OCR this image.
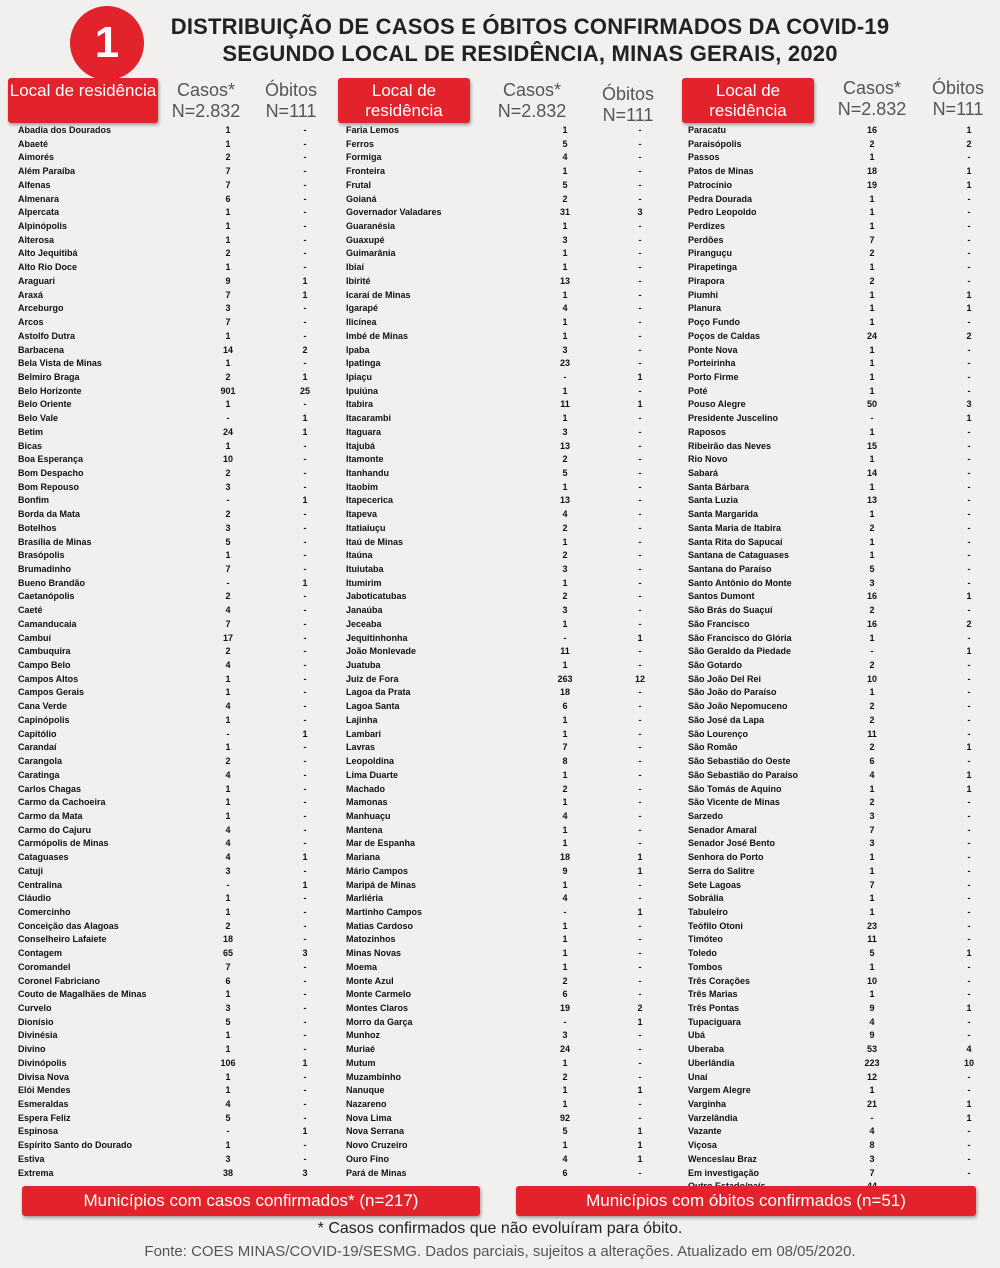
1	DISTRIBUIÇÃO DE CASOS E ÓBITOS CONFIRMADOS DA COVID-19
SEGUNDO LOCAL DE RESIDÊNCIA, MINAS GERAIS, 2020
Local de residência	Casos*
N=2.832
Óbitos
N=111
Abadia dos Dourados	1	-
Abaeté	1	-
Aimorés	2	-
Além Paraíba	7	-
Alfenas	7	-
Almenara	6	-
Alpercata	1	-
Alpinópolis	1	-
Alterosa	1	-
Alto Jequitibá	2	-
Alto Rio Doce	1	-
Araguari	9	1
Araxá	7	1
Arceburgo	3	-
Arcos	7	-
Astolfo Dutra	1	-
Barbacena	14	2
Bela Vista de Minas	1	-
Belmiro Braga	2	1
Belo Horizonte	901	25
Belo Oriente	1	-
Belo Vale	-	1
Betim	24	1
Bicas	1	-
Boa Esperança	10	-
Bom Despacho	2	-
Bom Repouso	3	-
Bonfim	-	1
Borda da Mata	2	-
Botelhos	3	-
Brasília de Minas	5	-
Brasópolis	1	-
Brumadinho	7	-
Bueno Brandão	-	1
Caetanópolis	2	-
Caeté	4	-
Camanducaia	7	-
Cambuí	17	-
Cambuquira	2	-
Campo Belo	4	-
Campos Altos	1	-
Campos Gerais	1	-
Cana Verde	4	-
Capinópolis	1	-
Capitólio	-	1
Carandaí	1	-
Carangola	2	-
Caratinga	4	-
Carlos Chagas	1	-
Carmo da Cachoeira	1	-
Carmo da Mata	1	-
Carmo do Cajuru	4	-
Carmópolis de Minas	4	-
Cataguases	4	1
Catuji	3	-
Centralina	-	1
Cláudio	1	-
Comercinho	1	-
Conceição das Alagoas	2	-
Conselheiro Lafaiete	18	-
Contagem	65	3
Coromandel	7	-
Coronel Fabriciano	6	-
Couto de Magalhães de Minas	1	-
Curvelo	3	-
Dionísio	5	-
Divinésia	1	-
Divino	1	-
Divinópolis	106	1
Divisa Nova	1	-
Elói Mendes	1	-
Esmeraldas	4	-
Espera Feliz	5	-
Espinosa	-	1
Espírito Santo do Dourado	1	-
Estiva	3	-
Extrema	38	3
Local de residência
Casos*
N=2.832
Óbitos
N=111
Faria Lemos	1	-
Ferros	5	-
Formiga	4	-
Fronteira	1	-
Frutal	5	-
Goianá	2	-
Governador Valadares	31	3
Guaranésia	1	-
Guaxupé	3	-
Guimarânia	1	-
Ibiaí	1	-
Ibirité	13	-
Icaraí de Minas	1	-
Igarapé	4	-
Ilicínea	1	-
Imbé de Minas	1	-
Ipaba	3	-
Ipatinga	23	-
Ipiaçu	-	1
Ipuiúna	1	-
Itabira	11	1
Itacarambi	1	-
Itaguara	3	-
Itajubá	13	-
Itamonte	2	-
Itanhandu	5	-
Itaobim	1	-
Itapecerica	13	-
Itapeva	4	-
Itatiaiuçu	2	-
Itaú de Minas	1	-
Itaúna	2	-
Ituiutaba	3	-
Itumirim	1	-
Jaboticatubas	2	-
Janaúba	3	-
Jeceaba	1	-
Jequitinhonha	-	1
João Monlevade	11	-
Juatuba	1	-
Juiz de Fora	263	12
Lagoa da Prata	18	-
Lagoa Santa	6	-
Lajinha	1	-
Lambari	1	-
Lavras	7	-
Leopoldina	8	-
Lima Duarte	1	-
Machado	2	-
Mamonas	1	-
Manhuaçu	4	-
Mantena	1	-
Mar de Espanha	1	-
Mariana	18	1
Mário Campos	9	1
Maripá de Minas	1	-
Marliéria	4	-
Martinho Campos	-	1
Matias Cardoso	1	-
Matozinhos	1	-
Minas Novas	1	-
Moema	1	-
Monte Azul	2	-
Monte Carmelo	6	-
Montes Claros	19	2
Morro da Garça	-	1
Munhoz	3	-
Muriaé	24	-
Mutum	1	-
Muzambinho	2	-
Nanuque	1	1
Nazareno	1	-
Nova Lima	92	-
Nova Serrana	5	1
Novo Cruzeiro	1	1
Ouro Fino	4	1
Pará de Minas	6	-
Local de residência
Casos*
N=2.832
Óbitos
N=111
Paracatu	16	1
Paraisópolis	2	2
Passos	1	-
Patos de Minas	18	1
Patrocínio	19	1
Pedra Dourada	1	-
Pedro Leopoldo	1	-
Perdizes	1	-
Perdões	7	-
Piranguçu	2	-
Pirapetinga	1	-
Pirapora	2	-
Piumhi	1	1
Planura	1	1
Poço Fundo	1	-
Poços de Caldas	24	2
Ponte Nova	1	-
Porteirinha	1	-
Porto Firme	1	-
Poté	1	-
Pouso Alegre	50	3
Presidente Juscelino	-	1
Raposos	1	-
Ribeirão das Neves	15	-
Rio Novo	1	-
Sabará	14	-
Santa Bárbara	1	-
Santa Luzia	13	-
Santa Margarida	1	-
Santa Maria de Itabira	2	-
Santa Rita do Sapucaí	1	-
Santana de Cataguases	1	-
Santana do Paraíso	5	-
Santo Antônio do Monte	3	-
Santos Dumont	16	1
São Brás do Suaçuí	2	-
São Francisco	16	2
São Francisco do Glória	1	-
São Geraldo da Piedade	-	1
São Gotardo	2	-
São João Del Rei	10	-
São João do Paraíso	1	-
São João Nepomuceno	2	-
São José da Lapa	2	-
São Lourenço	11	-
São Romão	2	1
São Sebastião do Oeste	6	-
São Sebastião do Paraíso	4	1
São Tomás de Aquino	1	1
São Vicente de Minas	2	-
Sarzedo	3	-
Senador Amaral	7	-
Senador José Bento	3	-
Senhora do Porto	1	-
Serra do Salitre	1	-
Sete Lagoas	7	-
Sobrália	1	-
Tabuleiro	1	-
Teófilo Otoni	23	-
Timóteo	11	-
Toledo	5	1
Tombos	1	-
Três Corações	10	-
Três Marias	1	-
Três Pontas	9	1
Tupaciguara	4	-
Ubá	9	-
Uberaba	53	4
Uberlândia	223	10
Unaí	12	-
Vargem Alegre	1	-
Varginha	21	1
Varzelândia	-	1
Vazante	4	-
Viçosa	8	-
Wenceslau Braz	3	-
Em investigação	7	-
Municípios com casos confirmados* (n=217)	Municípios com óbitos confirmados (n=51)
* Casos confirmados que não evoluíram para óbito.
Fonte: COES MINAS/COVID-19/SESMG. Dados parciais, sujeitos a alterações. Atualizado em 08/05/2020.
